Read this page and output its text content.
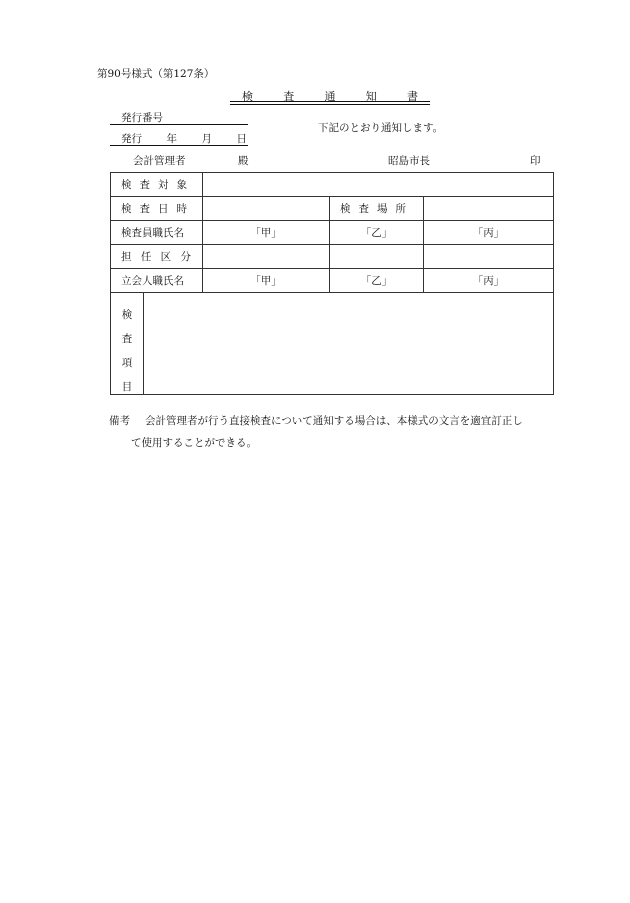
第90号様式（第127条）
検	査	通	知	書
発行番号
発行 年 月 日
下記のとおり通知します。
会計管理者	殿	昭島市長	印
検 査 対 象				

検 査 日 時			検 査 場 所	

検査員職氏名		「甲」	「乙」	「丙」

担 任 区 分				

立会人職氏名		「甲」	「乙」	「丙」

検
査
項
目				

備考 会計管理者が行う直接検査について通知する場合は、本様式の文言を適宜訂正し
て使用することができる。
